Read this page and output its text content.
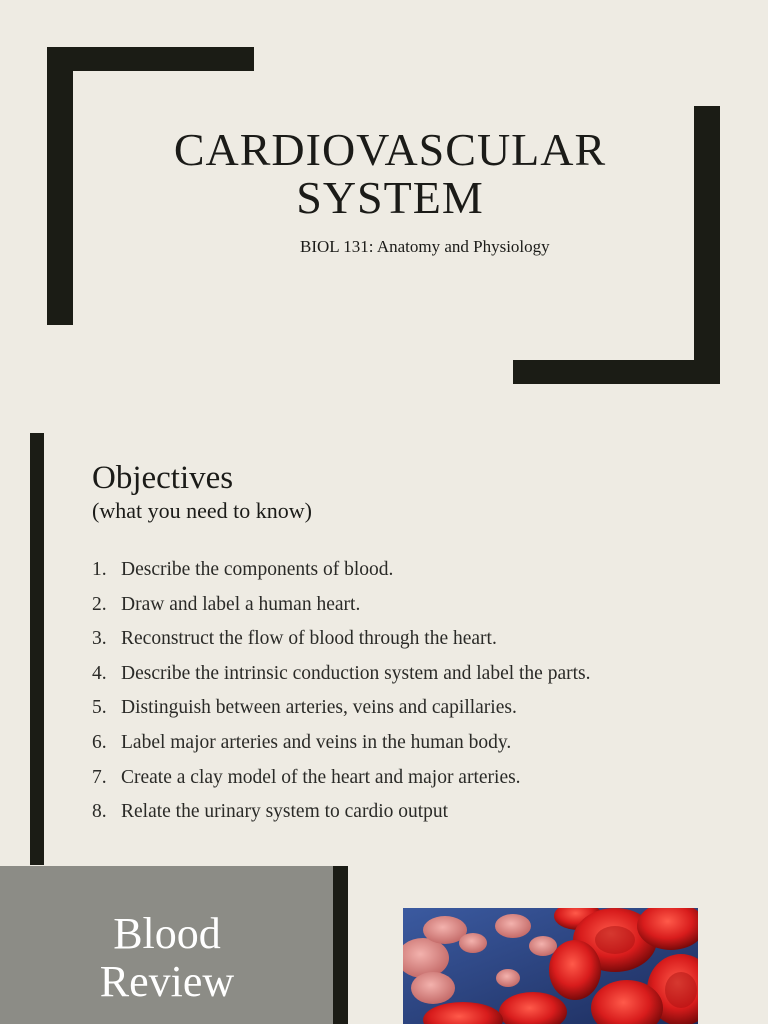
CARDIOVASCULAR
SYSTEM
BIOL 131: Anatomy and Physiology
Objectives
(what you need to know)
1. Describe the components of blood.
2. Draw and label a human heart.
3. Reconstruct the flow of blood through the heart.
4. Describe the intrinsic conduction system and label the parts.
5. Distinguish between arteries, veins and capillaries.
6. Label major arteries and veins in the human body.
7. Create a clay model of the heart and major arteries.
8. Relate the urinary system to cardio output
Blood
Review
